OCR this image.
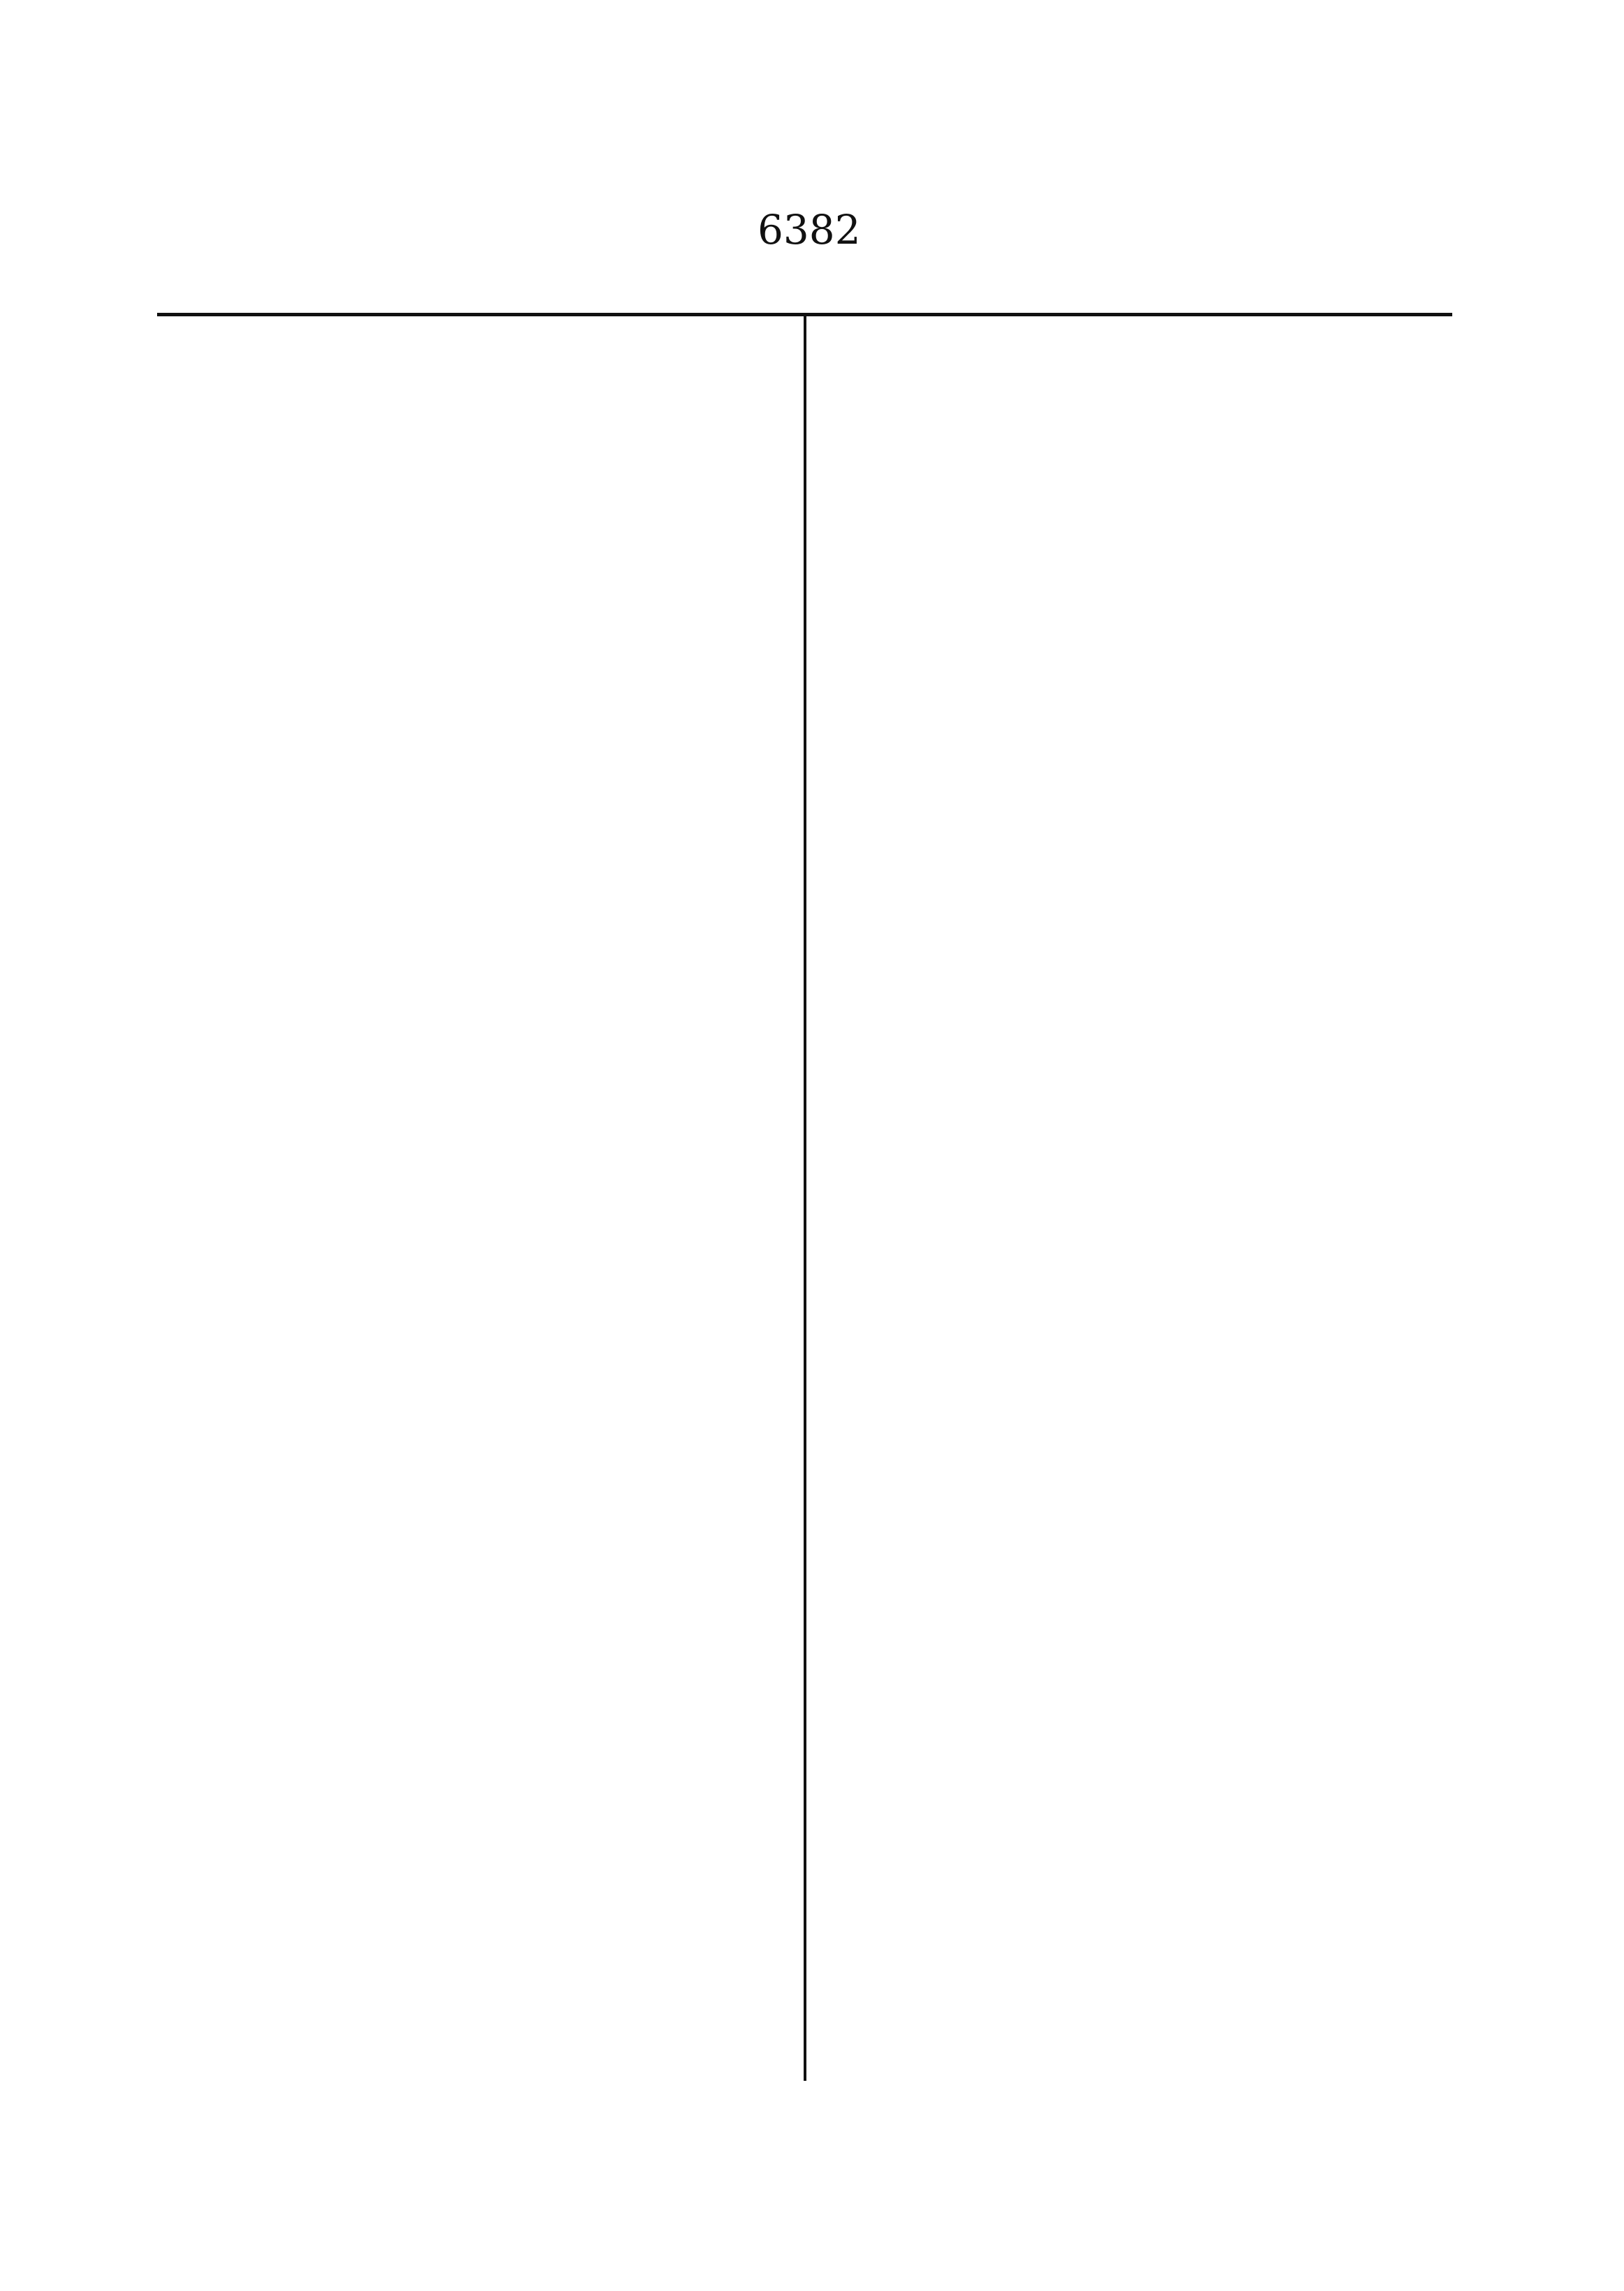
6382
